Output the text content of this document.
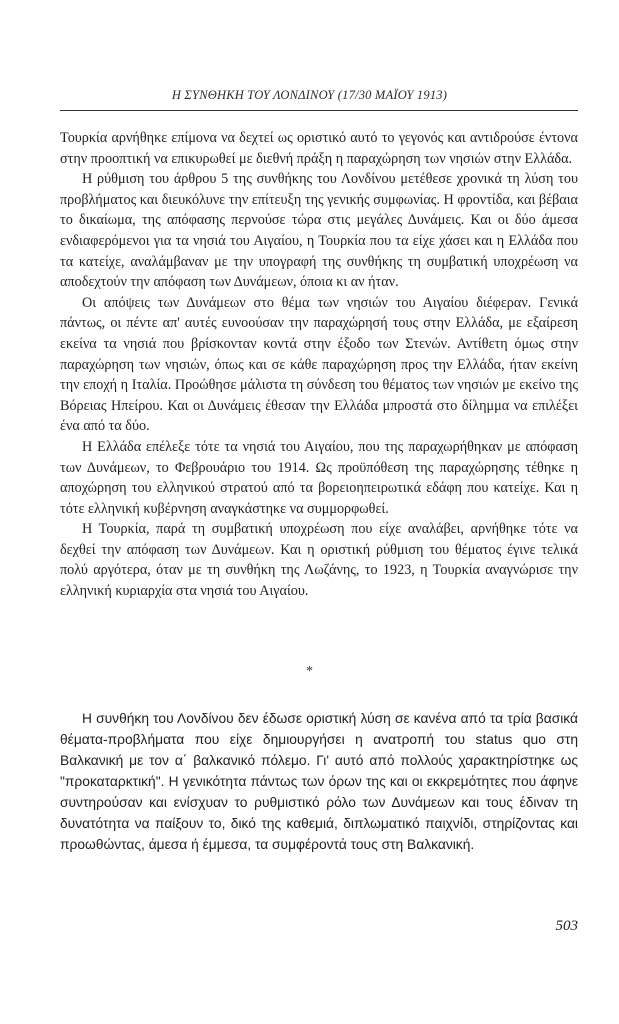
Η ΣΥΝΘΗΚΗ ΤΟΥ ΛΟΝΔΙΝΟΥ (17/30 ΜΑΪΟΥ 1913)

Τουρκία αρνήθηκε επίμονα να δεχτεί ως οριστικό αυτό το γεγονός και αντιδρούσε έντονα στην προοπτική να επικυρωθεί με διεθνή πράξη η παραχώρηση των νησιών στην Ελλάδα.

Η ρύθμιση του άρθρου 5 της συνθήκης του Λονδίνου μετέθεσε χρονικά τη λύση του προβλήματος και διευκόλυνε την επίτευξη της γενικής συμφωνίας. Η φροντίδα, και βέβαια το δικαίωμα, της απόφασης περνούσε τώρα στις μεγάλες Δυνάμεις. Και οι δύο άμεσα ενδιαφερόμενοι για τα νησιά του Αιγαίου, η Τουρκία που τα είχε χάσει και η Ελλάδα που τα κατείχε, αναλάμβαναν με την υπογραφή της συνθήκης τη συμβατική υποχρέωση να αποδεχτούν την απόφαση των Δυνάμεων, όποια κι αν ήταν.

Οι απόψεις των Δυνάμεων στο θέμα των νησιών του Αιγαίου διέφεραν. Γενικά πάντως, οι πέντε απ' αυτές ευνοούσαν την παραχώρησή τους στην Ελλάδα, με εξαίρεση εκείνα τα νησιά που βρίσκονταν κοντά στην έξοδο των Στενών. Αντίθετη όμως στην παραχώρηση των νησιών, όπως και σε κάθε παραχώρηση προς την Ελλάδα, ήταν εκείνη την εποχή η Ιταλία. Προώθησε μάλιστα τη σύνδεση του θέματος των νησιών με εκείνο της Βόρειας Ηπείρου. Και οι Δυνάμεις έθεσαν την Ελλάδα μπροστά στο δίλημμα να επιλέξει ένα από τα δύο.

Η Ελλάδα επέλεξε τότε τα νησιά του Αιγαίου, που της παραχωρήθηκαν με απόφαση των Δυνάμεων, το Φεβρουάριο του 1914. Ως προϋπόθεση της παραχώρησης τέθηκε η αποχώρηση του ελληνικού στρατού από τα βορειοηπειρωτικά εδάφη που κατείχε. Και η τότε ελληνική κυβέρνηση αναγκάστηκε να συμμορφωθεί.

Η Τουρκία, παρά τη συμβατική υποχρέωση που είχε αναλάβει, αρνήθηκε τότε να δεχθεί την απόφαση των Δυνάμεων. Και η οριστική ρύθμιση του θέματος έγινε τελικά πολύ αργότερα, όταν με τη συνθήκη της Λωζάνης, το 1923, η Τουρκία αναγνώρισε την ελληνική κυριαρχία στα νησιά του Αιγαίου.

*

Η συνθήκη του Λονδίνου δεν έδωσε οριστική λύση σε κανένα από τα τρία βασικά θέματα-προβλήματα που είχε δημιουργήσει η ανατροπή του status quo στη Βαλκανική με τον α΄ βαλκανικό πόλεμο. Γι' αυτό από πολλούς χαρακτηρίστηκε ως "προκαταρκτική". Η γενικότητα πάντως των όρων της και οι εκκρεμότητες που άφηνε συντηρούσαν και ενίσχυαν το ρυθμιστικό ρόλο των Δυνάμεων και τους έδιναν τη δυνατότητα να παίξουν το, δικό της καθεμιά, διπλωματικό παιχνίδι, στηρίζοντας και προωθώντας, άμεσα ή έμμεσα, τα συμφέροντά τους στη Βαλκανική.

503
